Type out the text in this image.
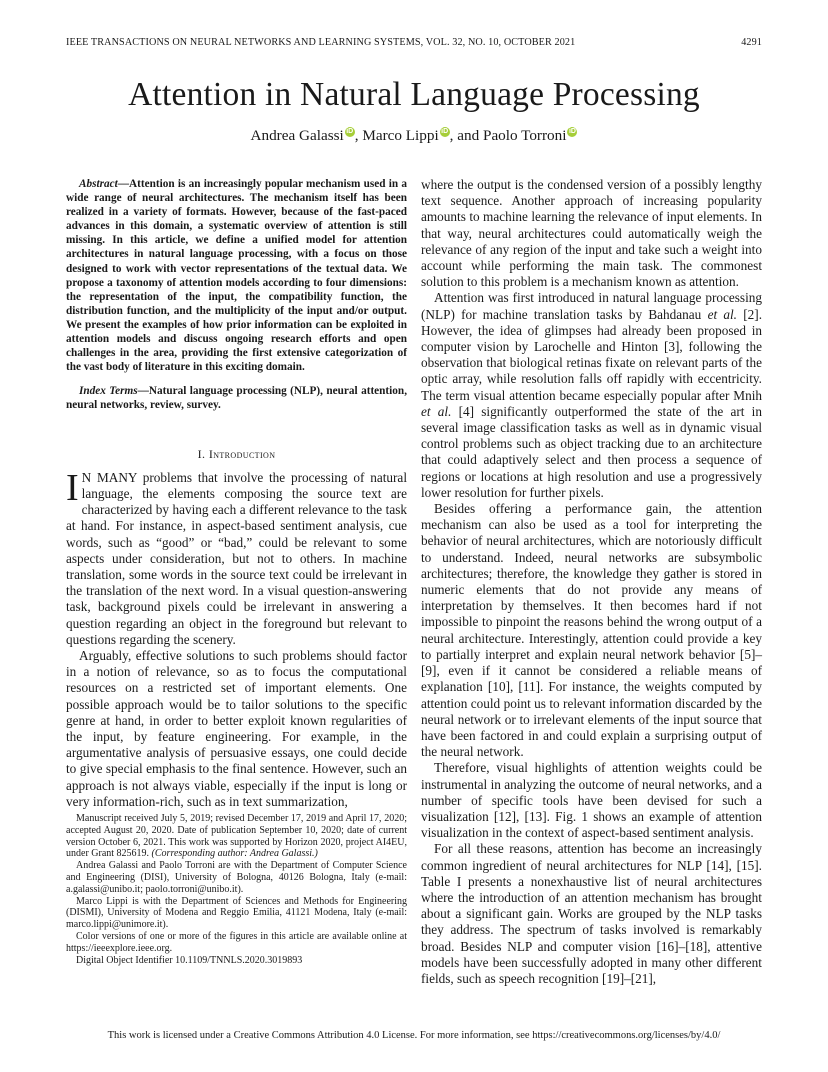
IEEE TRANSACTIONS ON NEURAL NETWORKS AND LEARNING SYSTEMS, VOL. 32, NO. 10, OCTOBER 2021	4291
Attention in Natural Language Processing
Andrea Galassi iD, Marco Lippi iD, and Paolo Torroni iD

Abstract—Attention is an increasingly popular mechanism used in a wide range of neural architectures. The mechanism itself has been realized in a variety of formats. However, because of the fast-paced advances in this domain, a systematic overview of attention is still missing. In this article, we define a unified model for attention architectures in natural language processing, with a focus on those designed to work with vector representations of the textual data. We propose a taxonomy of attention models according to four dimensions: the representation of the input, the compatibility function, the distribution function, and the multiplicity of the input and/or output. We present the examples of how prior information can be exploited in attention models and discuss ongoing research efforts and open challenges in the area, providing the first extensive categorization of the vast body of literature in this exciting domain.

Index Terms—Natural language processing (NLP), neural attention, neural networks, review, survey.

I. Introduction

I N MANY problems that involve the processing of natural language, the elements composing the source text are characterized by having each a different relevance to the task at hand. For instance, in aspect-based sentiment analysis, cue words, such as “good” or “bad,” could be relevant to some aspects under consideration, but not to others. In machine translation, some words in the source text could be irrelevant in the translation of the next word. In a visual question-answering task, background pixels could be irrelevant in answering a question regarding an object in the foreground but relevant to questions regarding the scenery.

Arguably, effective solutions to such problems should factor in a notion of relevance, so as to focus the computational resources on a restricted set of important elements. One possible approach would be to tailor solutions to the specific genre at hand, in order to better exploit known regularities of the input, by feature engineering. For example, in the argumentative analysis of persuasive essays, one could decide to give special emphasis to the final sentence. However, such an approach is not always viable, especially if the input is long or very information-rich, such as in text summarization,

Manuscript received July 5, 2019; revised December 17, 2019 and April 17, 2020; accepted August 20, 2020. Date of publication September 10, 2020; date of current version October 6, 2021. This work was supported by Horizon 2020, project AI4EU, under Grant 825619. (Corresponding author: Andrea Galassi.)

Andrea Galassi and Paolo Torroni are with the Department of Computer Science and Engineering (DISI), University of Bologna, 40126 Bologna, Italy (e-mail: a.galassi@unibo.it; paolo.torroni@unibo.it).

Marco Lippi is with the Department of Sciences and Methods for Engineering (DISMI), University of Modena and Reggio Emilia, 41121 Modena, Italy (e-mail: marco.lippi@unimore.it).

Color versions of one or more of the figures in this article are available online at https://ieeexplore.ieee.org.

Digital Object Identifier 10.1109/TNNLS.2020.3019893

where the output is the condensed version of a possibly lengthy text sequence. Another approach of increasing popularity amounts to machine learning the relevance of input elements. In that way, neural architectures could automatically weigh the relevance of any region of the input and take such a weight into account while performing the main task. The commonest solution to this problem is a mechanism known as attention.

Attention was first introduced in natural language processing (NLP) for machine translation tasks by Bahdanau et al. [2]. However, the idea of glimpses had already been proposed in computer vision by Larochelle and Hinton [3], following the observation that biological retinas fixate on relevant parts of the optic array, while resolution falls off rapidly with eccentricity. The term visual attention became especially popular after Mnih et al. [4] significantly outperformed the state of the art in several image classification tasks as well as in dynamic visual control problems such as object tracking due to an architecture that could adaptively select and then process a sequence of regions or locations at high resolution and use a progressively lower resolution for further pixels.

Besides offering a performance gain, the attention mechanism can also be used as a tool for interpreting the behavior of neural architectures, which are notoriously difficult to understand. Indeed, neural networks are subsymbolic architectures; therefore, the knowledge they gather is stored in numeric elements that do not provide any means of interpretation by themselves. It then becomes hard if not impossible to pinpoint the reasons behind the wrong output of a neural architecture. Interestingly, attention could provide a key to partially interpret and explain neural network behavior [5]–[9], even if it cannot be considered a reliable means of explanation [10], [11]. For instance, the weights computed by attention could point us to relevant information discarded by the neural network or to irrelevant elements of the input source that have been factored in and could explain a surprising output of the neural network.

Therefore, visual highlights of attention weights could be instrumental in analyzing the outcome of neural networks, and a number of specific tools have been devised for such a visualization [12], [13]. Fig. 1 shows an example of attention visualization in the context of aspect-based sentiment analysis.

For all these reasons, attention has become an increasingly common ingredient of neural architectures for NLP [14], [15]. Table I presents a nonexhaustive list of neural architectures where the introduction of an attention mechanism has brought about a significant gain. Works are grouped by the NLP tasks they address. The spectrum of tasks involved is remarkably broad. Besides NLP and computer vision [16]–[18], attentive models have been successfully adopted in many other different fields, such as speech recognition [19]–[21],

This work is licensed under a Creative Commons Attribution 4.0 License. For more information, see https://creativecommons.org/licenses/by/4.0/
